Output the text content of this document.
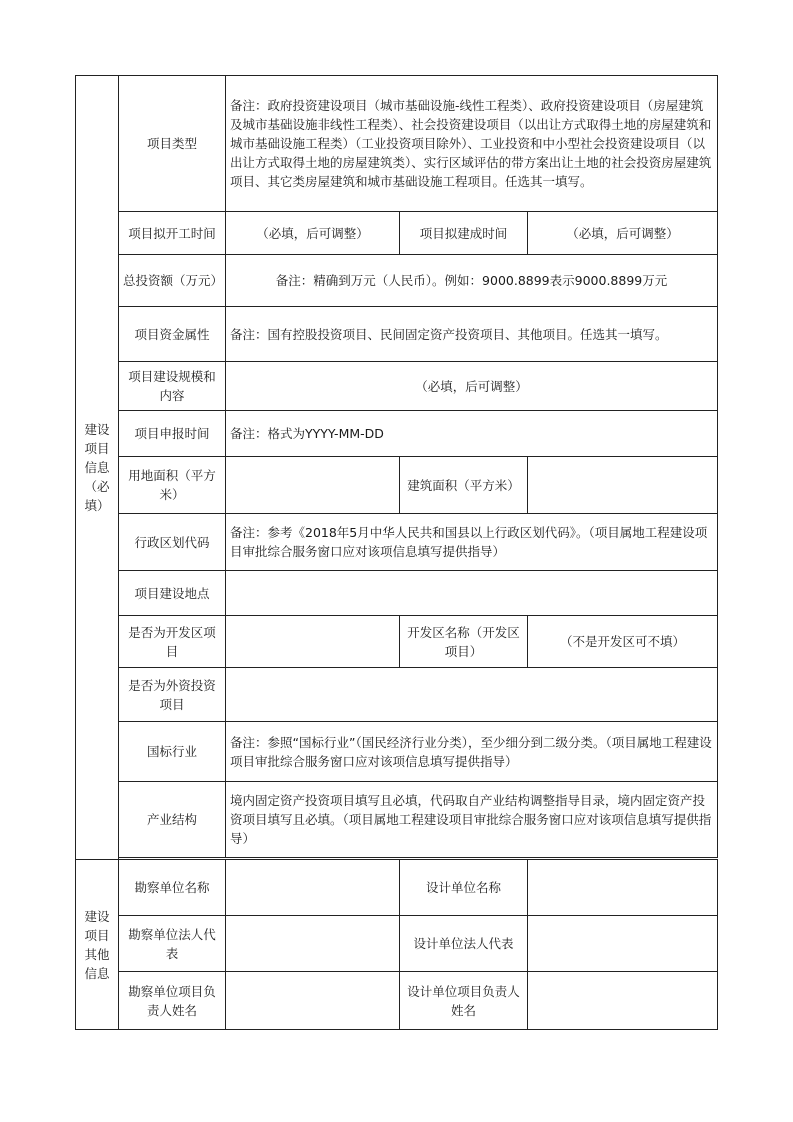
建设项目信息（必填）	项目类型	备注：政府投资建设项目（城市基础设施-线性工程类）、政府投资建设项目（房屋建筑及城市基础设施非线性工程类）、社会投资建设项目（以出让方式取得土地的房屋建筑和城市基础设施工程类）（工业投资项目除外）、工业投资和中小型社会投资建设项目（以出让方式取得土地的房屋建筑类）、实行区域评估的带方案出让土地的社会投资房屋建筑项目、其它类房屋建筑和城市基础设施工程项目。任选其一填写。		
	项目拟开工时间	（必填，后可调整）	项目拟建成时间	（必填，后可调整）
	总投资额（万元）	备注：精确到万元（人民币）。例如：9000.8899表示9000.8899万元		
	项目资金属性	备注：国有控股投资项目、民间固定资产投资项目、其他项目。任选其一填写。		
	项目建设规模和内容	（必填，后可调整）		
	项目申报时间	备注：格式为YYYY-MM-DD		
	用地面积（平方米）		建筑面积（平方米）	
	行政区划代码	备注：参考《2018年5月中华人民共和国县以上行政区划代码》。（项目属地工程建设项目审批综合服务窗口应对该项信息填写提供指导）		
	项目建设地点			
	是否为开发区项目		开发区名称（开发区项目）	（不是开发区可不填）
	是否为外资投资项目			
	国标行业	备注：参照“国标行业”（国民经济行业分类），至少细分到二级分类。（项目属地工程建设项目审批综合服务窗口应对该项信息填写提供指导）		
	产业结构	境内固定资产投资项目填写且必填，代码取自产业结构调整指导目录，境内固定资产投资项目填写且必填。（项目属地工程建设项目审批综合服务窗口应对该项信息填写提供指导）		

建设项目其他信息	勘察单位名称		设计单位名称	
	勘察单位法人代表		设计单位法人代表	
	勘察单位项目负责人姓名		设计单位项目负责人姓名	
